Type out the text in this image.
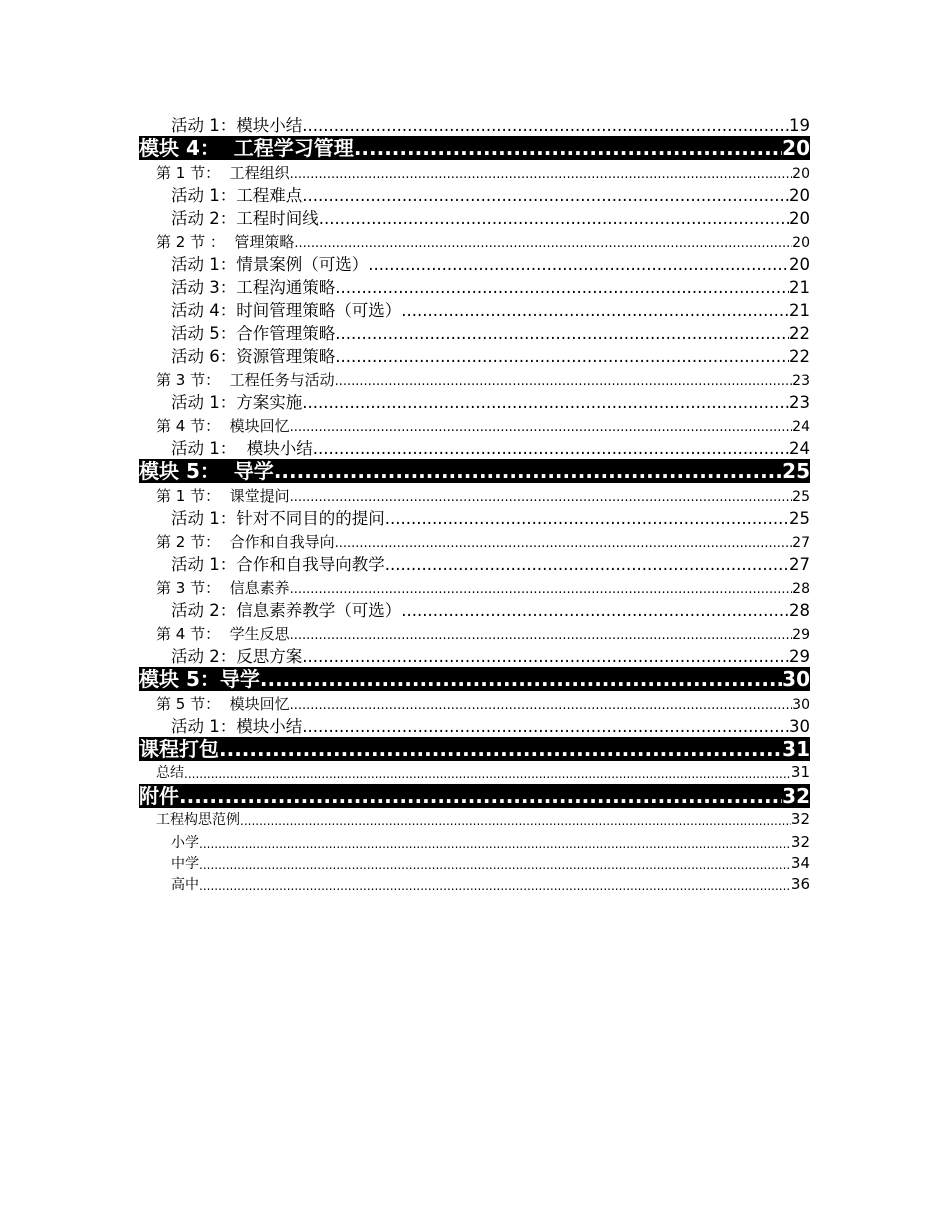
活动 1：模块小结 .....	19
模块 4：  工程学习管理 .....	20
第 1 节：  工程组织 .....	20
活动 1：工程难点 .....	20
活动 2：工程时间线 .....	20
第 2 节 ：  管理策略 .....	20
活动 1：情景案例（可选） .....	20
活动 3：工程沟通策略 .....	21
活动 4：时间管理策略（可选） .....	21
活动 5：合作管理策略 .....	22
活动 6：资源管理策略 .....	22
第 3 节：  工程任务与活动 .....	23
活动 1：方案实施 .....	23
第 4 节：  模块回忆 .....	24
活动 1：  模块小结 .....	24
模块 5：  导学 .....	25
第 1 节：  课堂提问 .....	25
活动 1：针对不同目的的提问 .....	25
第 2 节：  合作和自我导向 .....	27
活动 1：合作和自我导向教学 .....	27
第 3 节：  信息素养 .....	28
活动 2：信息素养教学（可选） .....	28
第 4 节：  学生反思 .....	29
活动 2：反思方案 .....	29
模块 5：导学 .....	30
第 5 节：  模块回忆 .....	30
活动 1：模块小结 .....	30
课程打包 .....	31
总结 .....	31
附件 .....	32
工程构思范例 .....	32
小学 .....	32
中学 .....	34
高中 .....	36
